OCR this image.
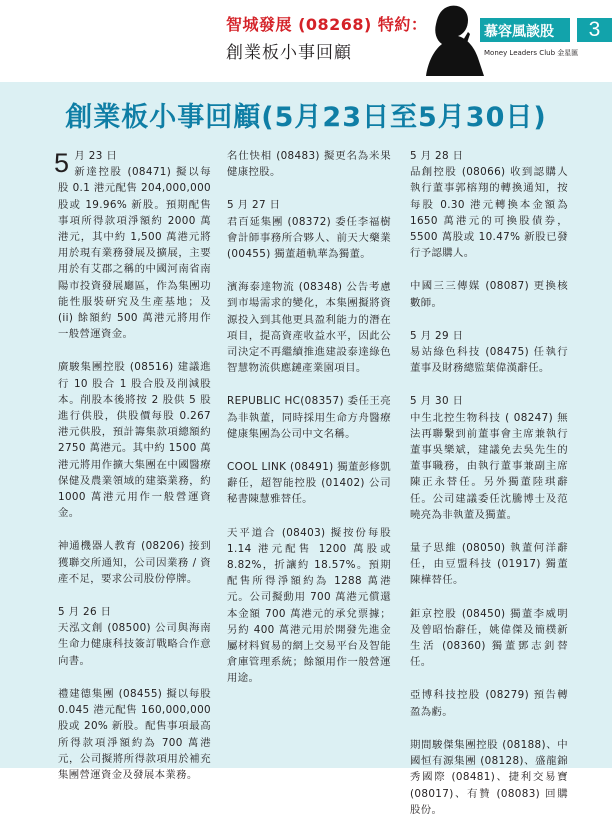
智城發展 (08268) 特約：
創業板小事回顧
慕容風談股	3
Money Leaders Club 金星匯
創業板小事回顧(5月23日至5月30日)

5 月 23 日
新達控股 (08471) 擬以每股 0.1 港元配售 204,000,000 股或 19.96% 新股。預期配售事項所得款項淨額約 2000 萬港元，其中約 1,500 萬港元將用於現有業務發展及擴展，主要用於有艾郡之稱的中國河南省南陽市投資發展廳區，作為集團功能性服裝研究及生產基地；及 (ii) 餘額約 500 萬港元將用作一般營運資金。

廣駿集團控股 (08516) 建議進行 10 股合 1 股合股及削減股本。削股本後將按 2 股供 5 股進行供股，供股價每股 0.267 港元供股，預計籌集款項總額約 2750 萬港元。其中約 1500 萬港元將用作擴大集團在中國醫療保健及農業領域的建築業務，約 1000 萬港元用作一般營運資金。

神通機器人教育 (08206) 接到獲聯交所通知，公司因業務 / 資產不足，要求公司股份停牌。

5 月 26 日
天泓文創 (08500) 公司與海南生命力健康科技簽訂戰略合作意向書。

禮建德集團 (08455) 擬以每股 0.045 港元配售 160,000,000 股或 20% 新股。配售事項最高所得款項淨額約為 700 萬港元，公司擬將所得款項用於補充集團營運資金及發展本業務。

名仕快相 (08483) 擬更名為米果健康控股。

5 月 27 日
君百延集團 (08372) 委任李福樹會計師事務所合夥人、前天大藥業 (00455) 獨董趙軌華為獨董。

濱海泰達物流 (08348) 公告考慮到市場需求的變化，本集團擬將資源投入到其他更具盈利能力的潛在項目，提高資產收益水平，因此公司決定不再繼續推進建設泰達綠色智慧物流供應鏈產業園項目。

REPUBLIC HC(08357) 委任王亮為非執董，同時採用生命方舟醫療健康集團為公司中文名稱。

COOL LINK (08491) 獨董彭修凱辭任，超智能控股 (01402) 公司秘書陳慧雅替任。

天平道合 (08403) 擬按份每股 1.14 港元配售 1200 萬股或 8.82%，折讓約 18.57%。預期配售所得淨額約為 1288 萬港元。公司擬動用 700 萬港元償還本金額 700 萬港元的承兌票據；另約 400 萬港元用於開發先進金屬材料貿易的網上交易平台及智能倉庫管理系統；餘額用作一般營運用途。

5 月 28 日
品創控股 (08066) 收到認購人執行董事郭榕翔的轉換通知，按每股 0.30 港元轉換本金額為 1650 萬港元的可換股債券，5500 萬股或 10.47% 新股已發行予認購人。

中國三三傳媒 (08087) 更換核數師。

5 月 29 日
易站綠色科技 (08475) 任執行董事及財務總監葉偉漢辭任。

5 月 30 日
中生北控生物科技 ( 08247) 無法再聯繫到前董事會主席兼執行董事吳樂斌，建議免去吳先生的董事職務，由執行董事兼副主席陳正永替任。另外獨董陸琪辭任。公司建議委任沈騰博士及范曉亮為非執董及獨董。

量子思維 (08050) 執董何洋辭任，由豆盟科技 (01917) 獨董陳樺替任。

鉅京控股 (08450) 獨董李威明及曾昭怡辭任，姚偉傑及簡樸新生活 (08360) 獨董鄧志釗替任。

亞博科技控股 (08279) 預告轉盈為虧。

期間駿傑集團控股 (08188)、中國恒有源集團 (08128)、盛龍錦秀國際 (08481)、捷利交易寶 (08017)、有贊 (08083) 回購股份。
